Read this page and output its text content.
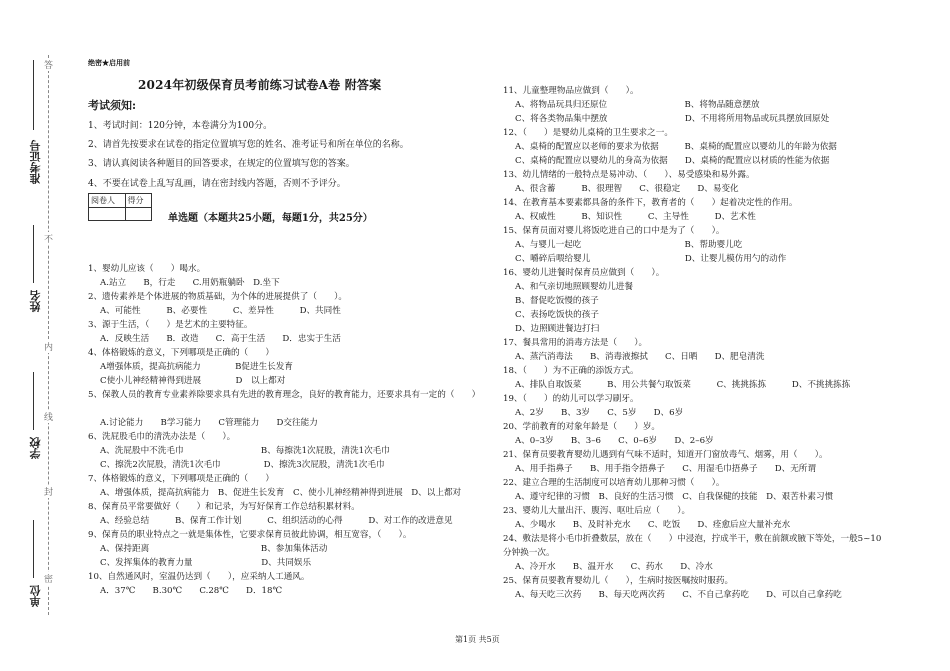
答
不
内
线
封
密
准考证号
姓名
学校
单位
绝密★启用前
2024年初级保育员考前练习试卷A卷 附答案
考试须知:
1、考试时间：120分钟，本卷满分为100分。
2、请首先按要求在试卷的指定位置填写您的姓名、准考证号和所在单位的名称。
3、请认真阅读各种题目的回答要求，在规定的位置填写您的答案。
4、不要在试卷上乱写乱画，请在密封线内答题，否则不予评分。
阅卷人	得分

单选题（本题共25小题，每题1分，共25分）
1、婴幼儿应该（　　）喝水。
A.站立　　B，行走　　C.用奶瓶躺卧　D.坐下
2、遗传素养是个体进展的物质基础，为个体的进展提供了（　　）。
A、可能性　　　B、必要性　　　C、差异性　　　D、共同性
3、源于生活，（　　）是艺术的主要特征。
A．反映生活　　B．改造　　C．高于生活　　D．忠实于生活
4、体格锻炼的意义，下列哪项是正确的（　　）
A增强体质，提高抗病能力　　　　B促进生长发育
C使小儿神经精神得到进展　　　　D　以上都对
5、保教人员的教育专业素养除要求具有先进的教育理念，良好的教育能力，还要求具有一定的（　　）
A.讨论能力　　B学习能力　　C管理能力　　D交往能力
6、洗屁股毛巾的清洗办法是（　　）。
A、洗屁股中不洗毛巾　　　　　　　　　B、每擦洗1次屁股，清洗1次毛巾
C、擦洗2次屁股，清洗1次毛巾　　　　　D、擦洗3次屁股，清洗1次毛巾
7、体格锻炼的意义，下列哪项是正确的（　　）
A、增强体质，提高抗病能力　B、促进生长发育　C、使小儿神经精神得到进展　D、以上都对
8、保育员平常要做好（　　）和记录，为写好保育工作总结积累材料。
A、经验总结　　　B、保育工作计划　　　C、组织活动的心得　　　D、对工作的改进意见
9、保育员的职业特点之一就是集体性，它要求保育员彼此协调，相互宽容，（　　）。
A、保持距离　　　　　　　　　　　　　B、参加集体活动
C、发挥集体的教育力量　　　　　　　　D、共同娱乐
10、自然通风时，室温仍达到（　　），应采纳人工通风。
A．37℃　　B.30℃　　C.28℃　　D．18℃
11、儿童整理物品应做到（　　）。
A、将物品玩具归还原位　　　　　　　　　B、将物品随意摆放
C、将各类物品集中摆放　　　　　　　　　D、不用将所用物品或玩具摆放回原处
12、（　　）是婴幼儿桌椅的卫生要求之一。
A、桌椅的配置应以老师的要求为依据　　　B、桌椅的配置应以婴幼儿的年龄为依据
C、桌椅的配置应以婴幼儿的身高为依据　　D、桌椅的配置应以材质的性能为依据
13、幼儿情绪的一般特点是易冲动、（　　）、易受感染和易外露。
A、很含蓄　　　B、很理智　　C、很稳定　　D、易变化
14、在教育基本要素都具备的条件下，教育者的（　　）起着决定性的作用。
A、权威性　　　B、知识性　　　C、主导性　　　D、艺术性
15、保育员面对婴儿将饭吃进自己的口中是为了（　　）。
A、与婴儿一起吃　　　　　　　　　　　　B、帮助婴儿吃
C、嚼碎后喂给婴儿　　　　　　　　　　　D、让婴儿模仿用勺的动作
16、婴幼儿进餐时保育员应做到（　　）。
A、和气亲切地照顾婴幼儿进餐
B、督促吃饭慢的孩子
C、表扬吃饭快的孩子
D、边照顾进餐边打扫
17、餐具常用的消毒方法是（　　）。
A、蒸汽消毒法　　B、消毒液擦拭　　C、日晒　　D、肥皂清洗
18、（　　）为不正确的添饭方式。
A、排队自取饭菜　　　B、用公共餐勺取饭菜　　　C、挑挑拣拣　　　D、不挑挑拣拣
19、（　　）的幼儿可以学习刷牙。
A、2岁　　B、3岁　　C、5岁　　D、6岁
20、学前教育的对象年龄是（　　）岁。
A、0–3岁　　B、3–6　　C、0–6岁　　D、2–6岁
21、保育员要教育婴幼儿遇到有气味不适时，知道开门窗放毒气、烟雾，用（　　）。
A、用手指鼻子　　B、用手指令捂鼻子　　C、用湿毛巾捂鼻子　　D、无所谓
22、建立合理的生活制度可以培育幼儿那种习惯（　　）。
A、遵守纪律的习惯　B、良好的生活习惯　C、自我保健的技能　D、艰苦朴素习惯
23、婴幼儿大量出汗、腹泻、呕吐后应（　　）。
A、少喝水　　B、及时补充水　　C、吃饭　　D、痊愈后应大量补充水
24、敷法是将小毛巾折叠数层，放在（　　）中浸泡，拧成半干，敷在前额或腋下等处，一般5~10分钟换一次。
A、冷开水　　B、温开水　　C、药水　　D、冷水
25、保育员要教育婴幼儿（　　），生病时按医嘱按时服药。
A、每天吃三次药　　B、每天吃两次药　　C、不自己拿药吃　　D、可以自己拿药吃
第1页 共5页
